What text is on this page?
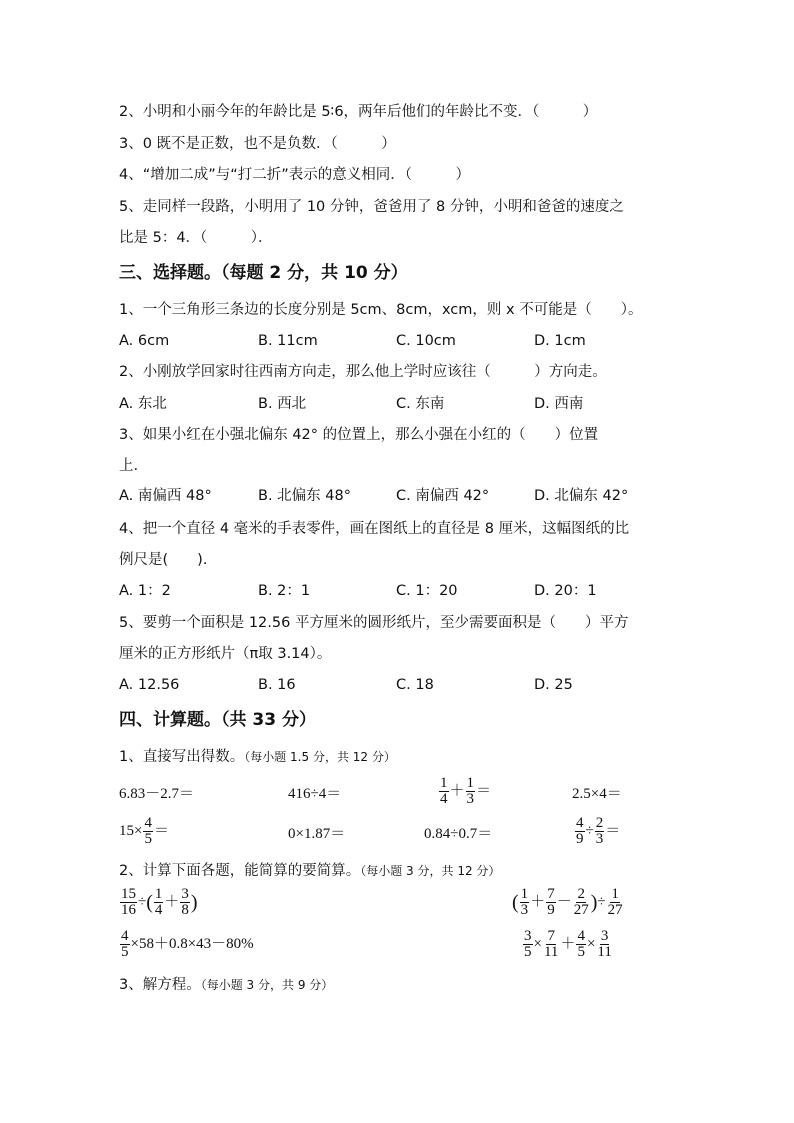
2、小明和小丽今年的年龄比是 5∶6，两年后他们的年龄比不变．（　　　）
3、0 既不是正数，也不是负数．（　　　）
4、“增加二成”与“打二折”表示的意义相同．（　　　）
5、走同样一段路，小明用了 10 分钟，爸爸用了 8 分钟，小明和爸爸的速度之
比是 5：4．（　　　）．
三、选择题。（每题 2 分，共 10 分）
1、一个三角形三条边的长度分别是 5cm、8cm，xcm，则 x 不可能是（　　）。
A. 6cm	B. 11cm	C. 10cm	D. 1cm
2、小刚放学回家时往西南方向走，那么他上学时应该往（　　　）方向走。
A. 东北	B. 西北	C. 东南	D. 西南
3、如果小红在小强北偏东 42° 的位置上，那么小强在小红的（　　）位置
上.
A. 南偏西 48°	B. 北偏东 48°	C. 南偏西 42°	D. 北偏东 42°
4、把一个直径 4 毫米的手表零件，画在图纸上的直径是 8 厘米，这幅图纸的比
例尺是(　　).
A. 1：2	B. 2：1	C. 1：20	D. 20：1
5、要剪一个面积是 12.56 平方厘米的圆形纸片，至少需要面积是（　　）平方
厘米的正方形纸片（π取 3.14）。
A. 12.56	B. 16	C. 18	D. 25
四、计算题。（共 33 分）
1、直接写出得数。（每小题 1.5 分，共 12 分）
6.83－2.7＝	416÷4＝	$\frac{1}{4} + \frac{1}{3}$ ＝	2.5×4＝
$15\times \frac{4}{5}$ ＝	0×1.87＝	0.84÷0.7＝	$\frac{4}{9} \div \frac{2}{3}$ ＝
2、计算下面各题，能简算的要简算。（每小题 3 分，共 12 分）
$\frac{15}{16}$ ÷( $\frac{1}{4} + \frac{3}{8}$ )	( $\frac{1}{3} + \frac{7}{9} - \frac{2}{27}$ )÷ $\frac{1}{27}$
$\frac{4}{5} \times 58+0.8\times 43-80\%$	$\frac{3}{5} \times \frac{7}{11} + \frac{4}{5} \times \frac{3}{11}$
3、解方程。（每小题 3 分，共 9 分）
